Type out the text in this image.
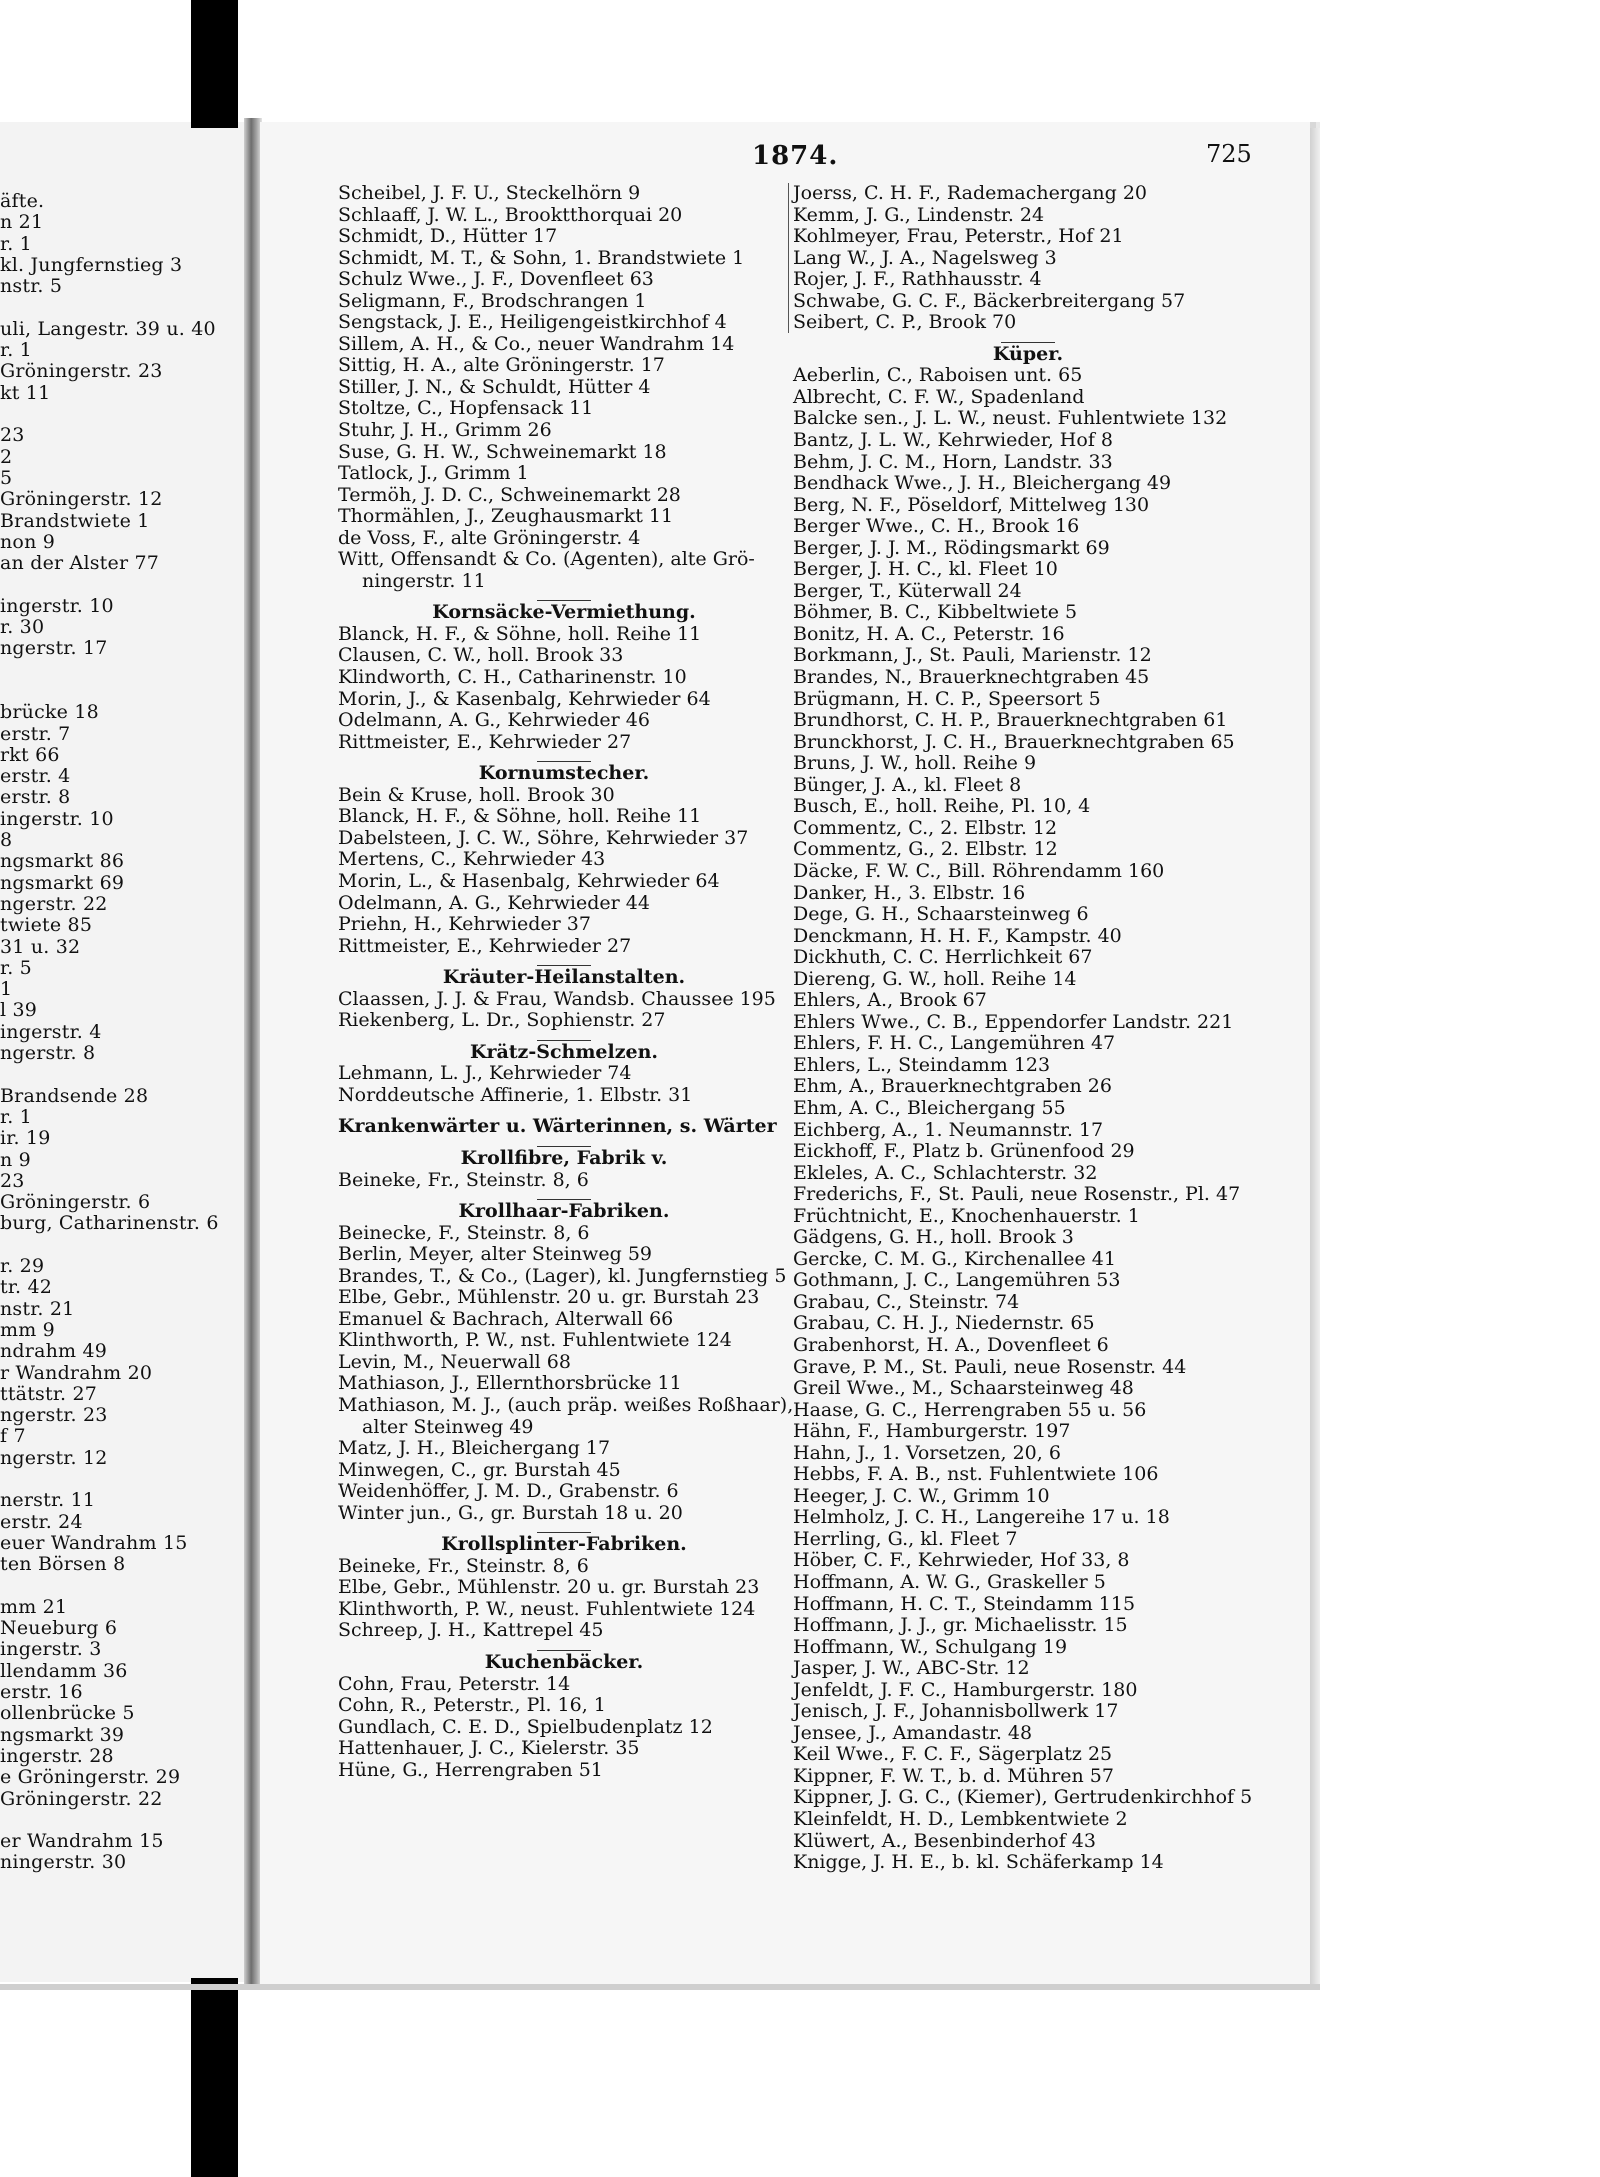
äfte.
n 21
r. 1
kl. Jungfernstieg 3
nstr. 5
uli, Langestr. 39 u. 40
r. 1
Gröningerstr. 23
kt 11
23
2
5
Gröningerstr. 12
Brandstwiete 1
non 9
an der Alster 77
ingerstr. 10
r. 30
ngerstr. 17
brücke 18
erstr. 7
rkt 66
erstr. 4
erstr. 8
ingerstr. 10
8
ngsmarkt 86
ngsmarkt 69
ngerstr. 22
twiete 85
31 u. 32
r. 5
1
l 39
ingerstr. 4
ngerstr. 8
Brandsende 28
r. 1
ir. 19
n 9
23
Gröningerstr. 6
burg, Catharinenstr. 6
r. 29
tr. 42
nstr. 21
mm 9
ndrahm 49
r Wandrahm 20
ttätstr. 27
ngerstr. 23
f 7
ngerstr. 12
nerstr. 11
erstr. 24
euer Wandrahm 15
ten Börsen 8
mm 21
Neueburg 6
ingerstr. 3
llendamm 36
erstr. 16
ollenbrücke 5
ngsmarkt 39
ingerstr. 28
e Gröningerstr. 29
Gröningerstr. 22
er Wandrahm 15
ningerstr. 30
1874.	725
Scheibel, J. F. U., Steckelhörn 9
Schlaaff, J. W. L., Brooktthorquai 20
Schmidt, D., Hütter 17
Schmidt, M. T., & Sohn, 1. Brandstwiete 1
Schulz Wwe., J. F., Dovenfleet 63
Seligmann, F., Brodschrangen 1
Sengstack, J. E., Heiligengeistkirchhof 4
Sillem, A. H., & Co., neuer Wandrahm 14
Sittig, H. A., alte Gröningerstr. 17
Stiller, J. N., & Schuldt, Hütter 4
Stoltze, C., Hopfensack 11
Stuhr, J. H., Grimm 26
Suse, G. H. W., Schweinemarkt 18
Tatlock, J., Grimm 1
Termöh, J. D. C., Schweinemarkt 28
Thormählen, J., Zeughausmarkt 11
de Voss, F., alte Gröningerstr. 4
Witt, Offensandt & Co. (Agenten), alte Grö-
ningerstr. 11
Kornsäcke-Vermiethung.
Blanck, H. F., & Söhne, holl. Reihe 11
Clausen, C. W., holl. Brook 33
Klindworth, C. H., Catharinenstr. 10
Morin, J., & Kasenbalg, Kehrwieder 64
Odelmann, A. G., Kehrwieder 46
Rittmeister, E., Kehrwieder 27
Kornumstecher.
Bein & Kruse, holl. Brook 30
Blanck, H. F., & Söhne, holl. Reihe 11
Dabelsteen, J. C. W., Söhre, Kehrwieder 37
Mertens, C., Kehrwieder 43
Morin, L., & Hasenbalg, Kehrwieder 64
Odelmann, A. G., Kehrwieder 44
Priehn, H., Kehrwieder 37
Rittmeister, E., Kehrwieder 27
Kräuter-Heilanstalten.
Claassen, J. J. & Frau, Wandsb. Chaussee 195
Riekenberg, L. Dr., Sophienstr. 27
Krätz-Schmelzen.
Lehmann, L. J., Kehrwieder 74
Norddeutsche Affinerie, 1. Elbstr. 31
Krankenwärter u. Wärterinnen, s. Wärter
Krollfibre, Fabrik v.
Beineke, Fr., Steinstr. 8, 6
Krollhaar-Fabriken.
Beinecke, F., Steinstr. 8, 6
Berlin, Meyer, alter Steinweg 59
Brandes, T., & Co., (Lager), kl. Jungfernstieg 5
Elbe, Gebr., Mühlenstr. 20 u. gr. Burstah 23
Emanuel & Bachrach, Alterwall 66
Klinthworth, P. W., nst. Fuhlentwiete 124
Levin, M., Neuerwall 68
Mathiason, J., Ellernthorsbrücke 11
Mathiason, M. J., (auch präp. weißes Roßhaar),
alter Steinweg 49
Matz, J. H., Bleichergang 17
Minwegen, C., gr. Burstah 45
Weidenhöffer, J. M. D., Grabenstr. 6
Winter jun., G., gr. Burstah 18 u. 20
Krollsplinter-Fabriken.
Beineke, Fr., Steinstr. 8, 6
Elbe, Gebr., Mühlenstr. 20 u. gr. Burstah 23
Klinthworth, P. W., neust. Fuhlentwiete 124
Schreep, J. H., Kattrepel 45
Kuchenbäcker.
Cohn, Frau, Peterstr. 14
Cohn, R., Peterstr., Pl. 16, 1
Gundlach, C. E. D., Spielbudenplatz 12
Hattenhauer, J. C., Kielerstr. 35
Hüne, G., Herrengraben 51
Joerss, C. H. F., Rademachergang 20
Kemm, J. G., Lindenstr. 24
Kohlmeyer, Frau, Peterstr., Hof 21
Lang W., J. A., Nagelsweg 3
Rojer, J. F., Rathhausstr. 4
Schwabe, G. C. F., Bäckerbreitergang 57
Seibert, C. P., Brook 70
Küper.
Aeberlin, C., Raboisen unt. 65
Albrecht, C. F. W., Spadenland
Balcke sen., J. L. W., neust. Fuhlentwiete 132
Bantz, J. L. W., Kehrwieder, Hof 8
Behm, J. C. M., Horn, Landstr. 33
Bendhack Wwe., J. H., Bleichergang 49
Berg, N. F., Pöseldorf, Mittelweg 130
Berger Wwe., C. H., Brook 16
Berger, J. J. M., Rödingsmarkt 69
Berger, J. H. C., kl. Fleet 10
Berger, T., Küterwall 24
Böhmer, B. C., Kibbeltwiete 5
Bonitz, H. A. C., Peterstr. 16
Borkmann, J., St. Pauli, Marienstr. 12
Brandes, N., Brauerknechtgraben 45
Brügmann, H. C. P., Speersort 5
Brundhorst, C. H. P., Brauerknechtgraben 61
Brunckhorst, J. C. H., Brauerknechtgraben 65
Bruns, J. W., holl. Reihe 9
Bünger, J. A., kl. Fleet 8
Busch, E., holl. Reihe, Pl. 10, 4
Commentz, C., 2. Elbstr. 12
Commentz, G., 2. Elbstr. 12
Däcke, F. W. C., Bill. Röhrendamm 160
Danker, H., 3. Elbstr. 16
Dege, G. H., Schaarsteinweg 6
Denckmann, H. H. F., Kampstr. 40
Dickhuth, C. C. Herrlichkeit 67
Diereng, G. W., holl. Reihe 14
Ehlers, A., Brook 67
Ehlers Wwe., C. B., Eppendorfer Landstr. 221
Ehlers, F. H. C., Langemühren 47
Ehlers, L., Steindamm 123
Ehm, A., Brauerknechtgraben 26
Ehm, A. C., Bleichergang 55
Eichberg, A., 1. Neumannstr. 17
Eickhoff, F., Platz b. Grünenfood 29
Ekleles, A. C., Schlachterstr. 32
Frederichs, F., St. Pauli, neue Rosenstr., Pl. 47
Früchtnicht, E., Knochenhauerstr. 1
Gädgens, G. H., holl. Brook 3
Gercke, C. M. G., Kirchenallee 41
Gothmann, J. C., Langemühren 53
Grabau, C., Steinstr. 74
Grabau, C. H. J., Niedernstr. 65
Grabenhorst, H. A., Dovenfleet 6
Grave, P. M., St. Pauli, neue Rosenstr. 44
Greil Wwe., M., Schaarsteinweg 48
Haase, G. C., Herrengraben 55 u. 56
Hähn, F., Hamburgerstr. 197
Hahn, J., 1. Vorsetzen, 20, 6
Hebbs, F. A. B., nst. Fuhlentwiete 106
Heeger, J. C. W., Grimm 10
Helmholz, J. C. H., Langereihe 17 u. 18
Herrling, G., kl. Fleet 7
Höber, C. F., Kehrwieder, Hof 33, 8
Hoffmann, A. W. G., Graskeller 5
Hoffmann, H. C. T., Steindamm 115
Hoffmann, J. J., gr. Michaelisstr. 15
Hoffmann, W., Schulgang 19
Jasper, J. W., ABC-Str. 12
Jenfeldt, J. F. C., Hamburgerstr. 180
Jenisch, J. F., Johannisbollwerk 17
Jensee, J., Amandastr. 48
Keil Wwe., F. C. F., Sägerplatz 25
Kippner, F. W. T., b. d. Mühren 57
Kippner, J. G. C., (Kiemer), Gertrudenkirchhof 5
Kleinfeldt, H. D., Lembkentwiete 2
Klüwert, A., Besenbinderhof 43
Knigge, J. H. E., b. kl. Schäferkamp 14
